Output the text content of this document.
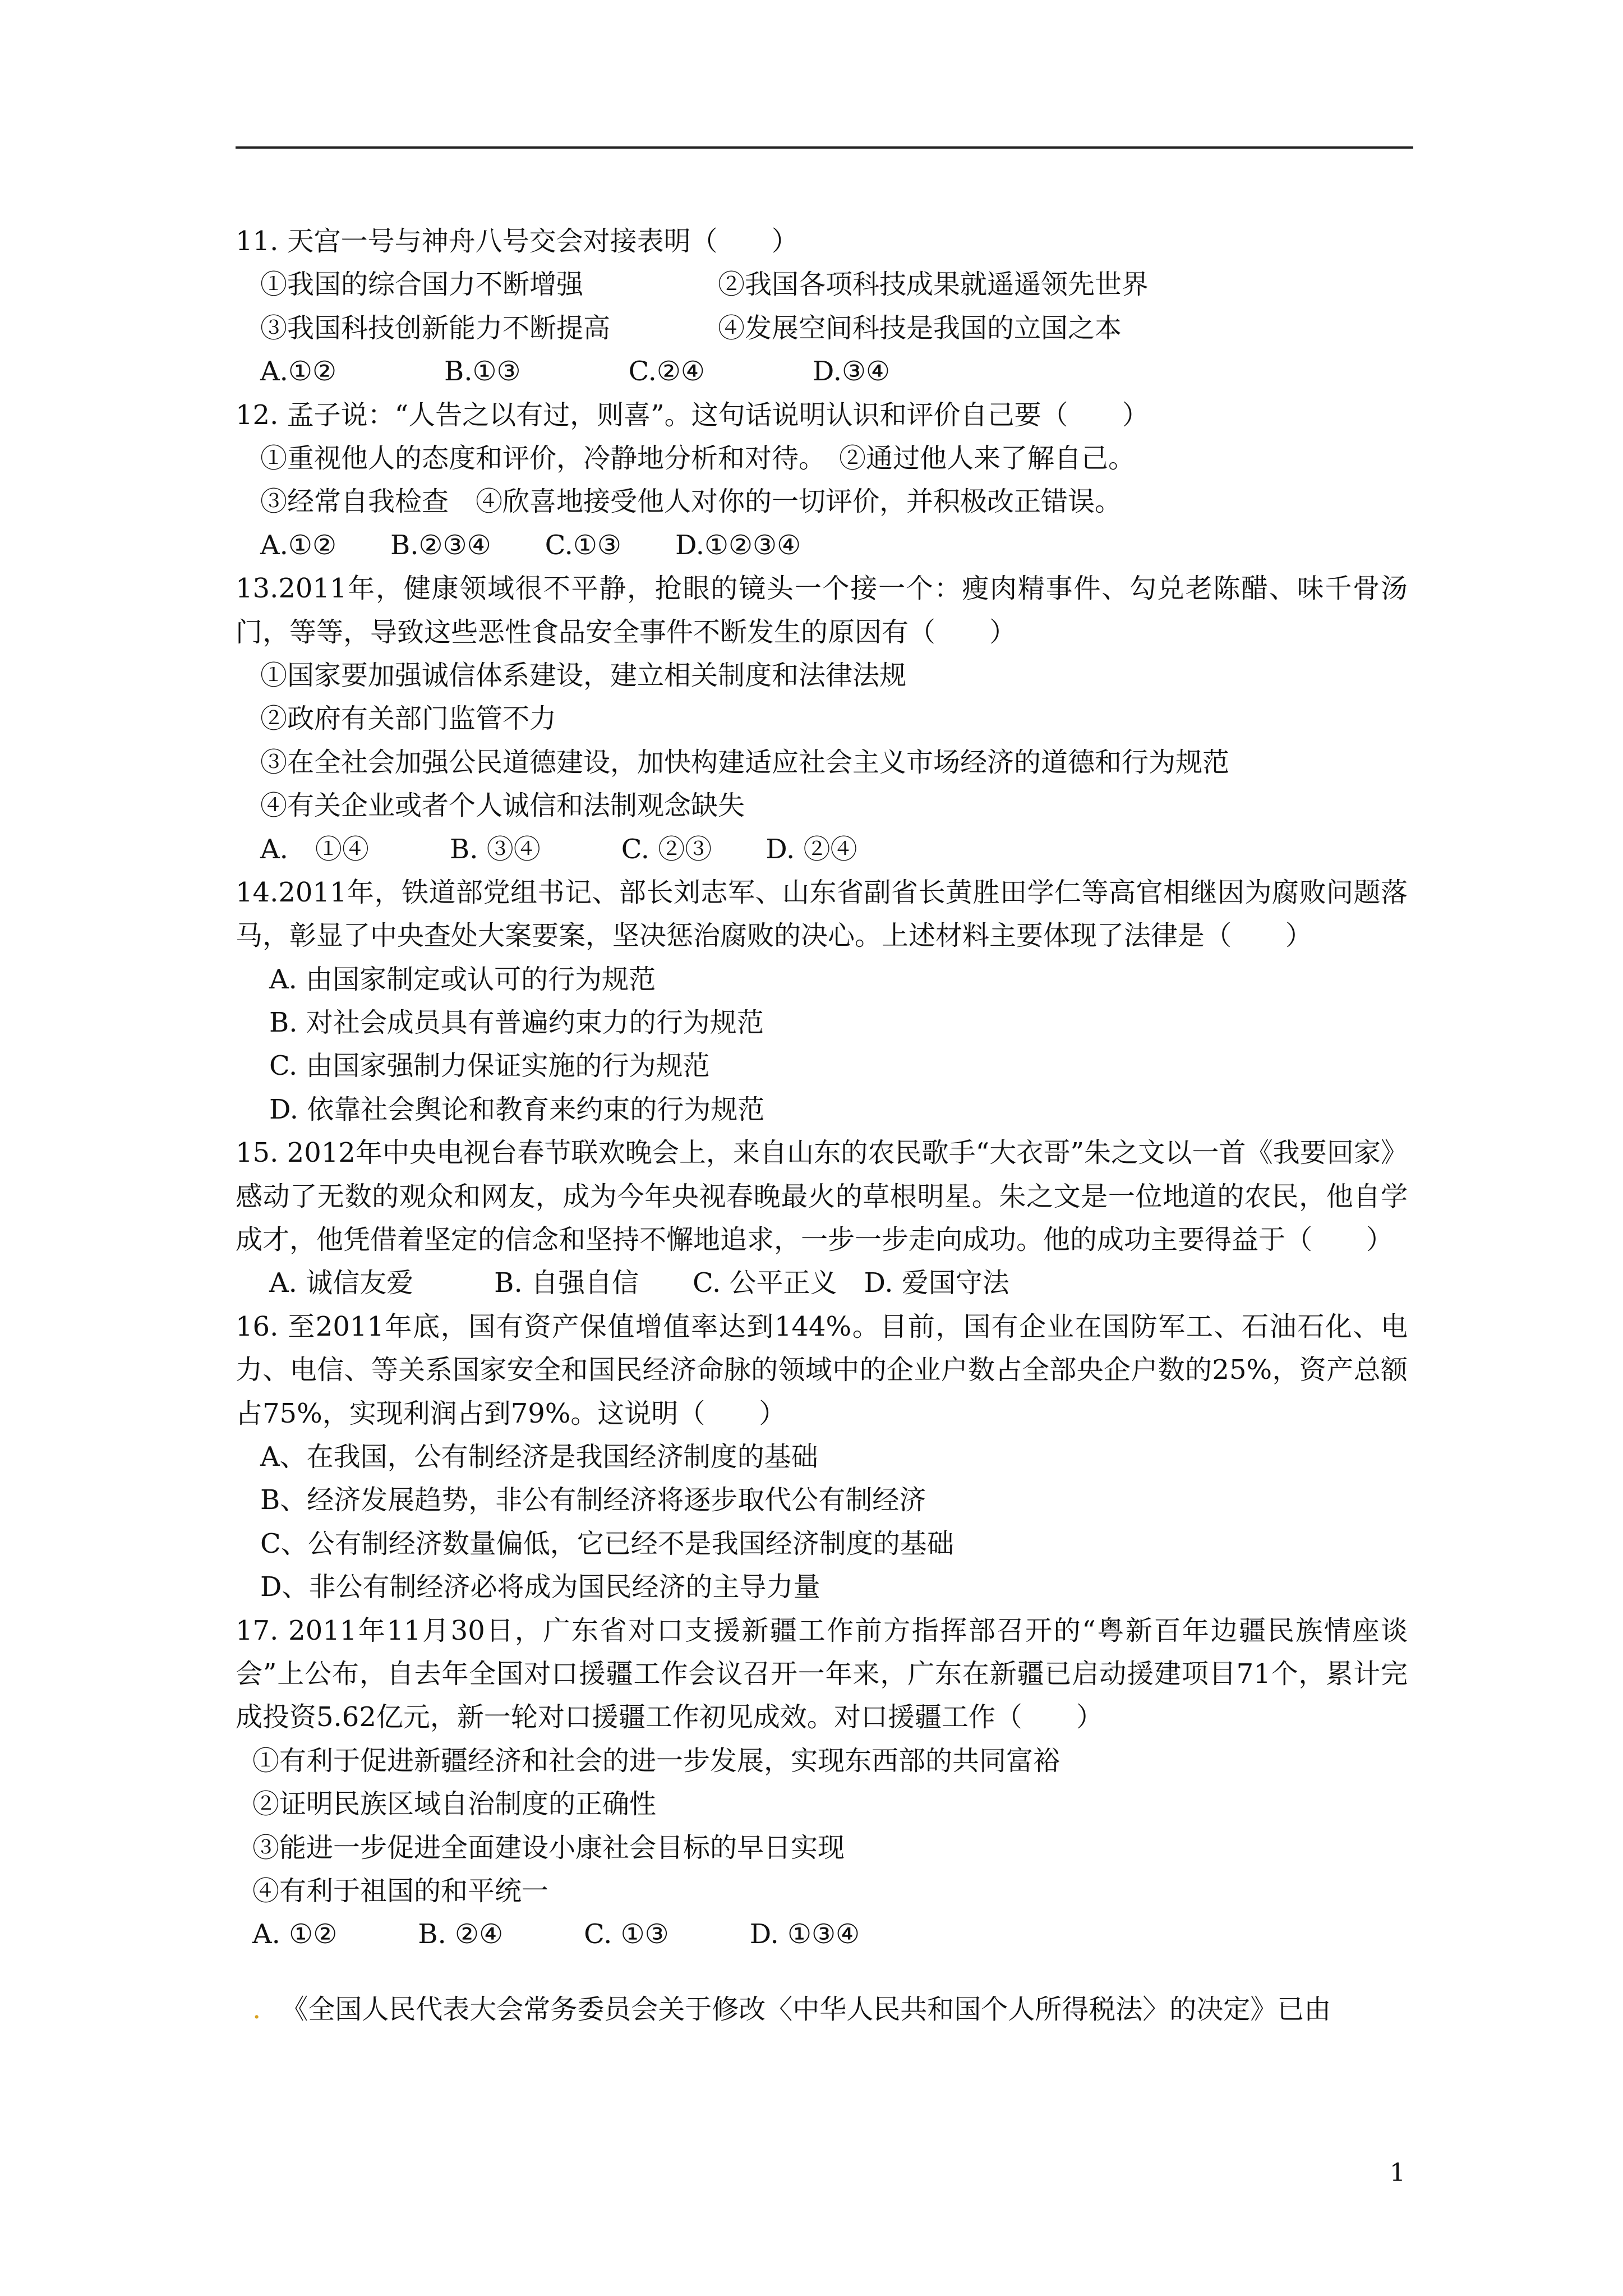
11. 天宫一号与神舟八号交会对接表明（　　）
①我国的综合国力不断增强　　　　　②我国各项科技成果就遥遥领先世界
③我国科技创新能力不断提高　　　　④发展空间科技是我国的立国之本
A.①②　　　　B.①③　　　　C.②④　　　　D.③④
12. 孟子说：“人告之以有过，则喜”。这句话说明认识和评价自己要（　　）
①重视他人的态度和评价，冷静地分析和对待。　②通过他人来了解自己。
③经常自我检查　④欣喜地接受他人对你的一切评价，并积极改正错误。
A.①②　　B.②③④　　C.①③　　D.①②③④
13.2011年，健康领域很不平静，抢眼的镜头一个接一个：瘦肉精事件、勾兑老陈醋、味千骨汤门，等等，导致这些恶性食品安全事件不断发生的原因有（　　）
①国家要加强诚信体系建设，建立相关制度和法律法规
②政府有关部门监管不力
③在全社会加强公民道德建设，加快构建适应社会主义市场经济的道德和行为规范
④有关企业或者个人诚信和法制观念缺失
A.　①④　　　B. ③④　　　C. ②③　　D. ②④
14.2011年，铁道部党组书记、部长刘志军、山东省副省长黄胜田学仁等高官相继因为腐败问题落马，彰显了中央查处大案要案，坚决惩治腐败的决心。上述材料主要体现了法律是（　　）
A. 由国家制定或认可的行为规范
B. 对社会成员具有普遍约束力的行为规范
C. 由国家强制力保证实施的行为规范
D. 依靠社会舆论和教育来约束的行为规范
15. 2012年中央电视台春节联欢晚会上，来自山东的农民歌手“大衣哥”朱之文以一首《我要回家》感动了无数的观众和网友，成为今年央视春晚最火的草根明星。朱之文是一位地道的农民，他自学成才，他凭借着坚定的信念和坚持不懈地追求，一步一步走向成功。他的成功主要得益于（　　）
A. 诚信友爱　　　B. 自强自信　　C. 公平正义　D. 爱国守法
16. 至2011年底，国有资产保值增值率达到144%。目前，国有企业在国防军工、石油石化、电力、电信、等关系国家安全和国民经济命脉的领域中的企业户数占全部央企户数的25%，资产总额占75%，实现利润占到79%。这说明（　　）
A、在我国，公有制经济是我国经济制度的基础
B、经济发展趋势，非公有制经济将逐步取代公有制经济
C、公有制经济数量偏低，它已经不是我国经济制度的基础
D、非公有制经济必将成为国民经济的主导力量
17. 2011年11月30日，广东省对口支援新疆工作前方指挥部召开的“粤新百年边疆民族情座谈会”上公布，自去年全国对口援疆工作会议召开一年来，广东在新疆已启动援建项目71个，累计完成投资5.62亿元，新一轮对口援疆工作初见成效。对口援疆工作（　　）
①有利于促进新疆经济和社会的进一步发展，实现东西部的共同富裕
②证明民族区域自治制度的正确性
③能进一步促进全面建设小康社会目标的早日实现
④有利于祖国的和平统一
A. ①②　　　B. ②④　　　C. ①③　　　D. ①③④
. 《全国人民代表大会常务委员会关于修改〈中华人民共和国个人所得税法〉的决定》已由
1
